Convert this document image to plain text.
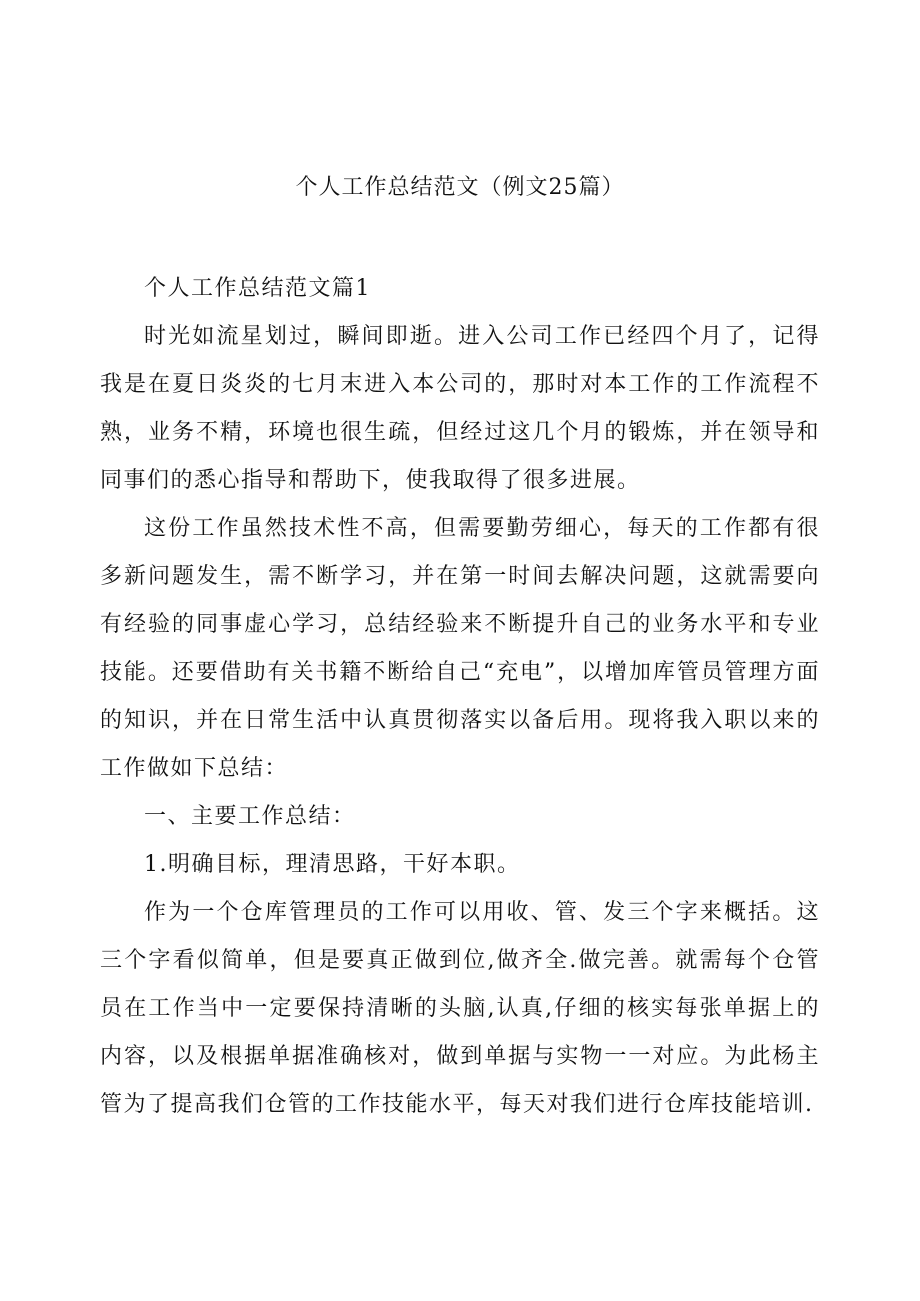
个人工作总结范文（例文25篇）

个人工作总结范文篇1

时光如流星划过，瞬间即逝。进入公司工作已经四个月了，记得我是在夏日炎炎的七月末进入本公司的，那时对本工作的工作流程不熟，业务不精，环境也很生疏，但经过这几个月的锻炼，并在领导和同事们的悉心指导和帮助下，使我取得了很多进展。

这份工作虽然技术性不高，但需要勤劳细心，每天的工作都有很多新问题发生，需不断学习，并在第一时间去解决问题，这就需要向有经验的同事虚心学习，总结经验来不断提升自己的业务水平和专业技能。还要借助有关书籍不断给自己“充电”，以增加库管员管理方面的知识，并在日常生活中认真贯彻落实以备后用。现将我入职以来的工作做如下总结：

一、主要工作总结：

1.明确目标，理清思路，干好本职。

作为一个仓库管理员的工作可以用收、管、发三个字来概括。这三个字看似简单，但是要真正做到位,做齐全.做完善。就需每个仓管员在工作当中一定要保持清晰的头脑,认真,仔细的核实每张单据上的内容，以及根据单据准确核对，做到单据与实物一一对应。为此杨主管为了提高我们仓管的工作技能水平，每天对我们进行仓库技能培训.
